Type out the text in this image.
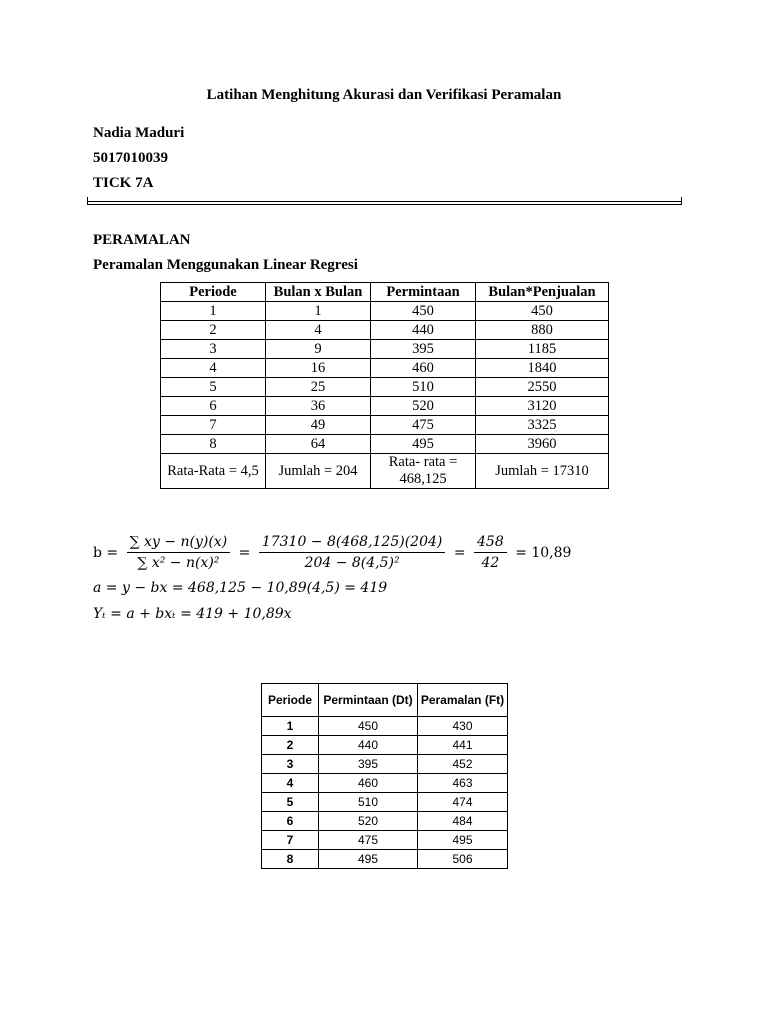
Latihan Menghitung Akurasi dan Verifikasi Peramalan
Nadia Maduri
5017010039
TICK 7A
PERAMALAN
Peramalan Menggunakan Linear Regresi
Periode	Bulan x Bulan	Permintaan	Bulan*Penjualan
1	1	450	450
2	4	440	880
3	9	395	1185
4	16	460	1840
5	25	510	2550
6	36	520	3120
7	49	475	3325
8	64	495	3960
Rata-Rata = 4,5	Jumlah = 204	Rata- rata = 468,125	Jumlah = 17310
$b = \frac{\sum xy - n(y)(x)}{\text{∑ x² − n(x)²}} = \frac{17310 - 8(468,125)(204)}{\text{204 − 8(4,5)²}} = \frac{458}{42} = 10,89$
a = y − bx = 468,125 − 10,89(4,5) = 419
Yₜ = a + bxₜ = 419 + 10,89x
Periode	Permintaan (Dt)	Peramalan (Ft)
1	450	430
2	440	441
3	395	452
4	460	463
5	510	474
6	520	484
7	475	495
8	495	506
